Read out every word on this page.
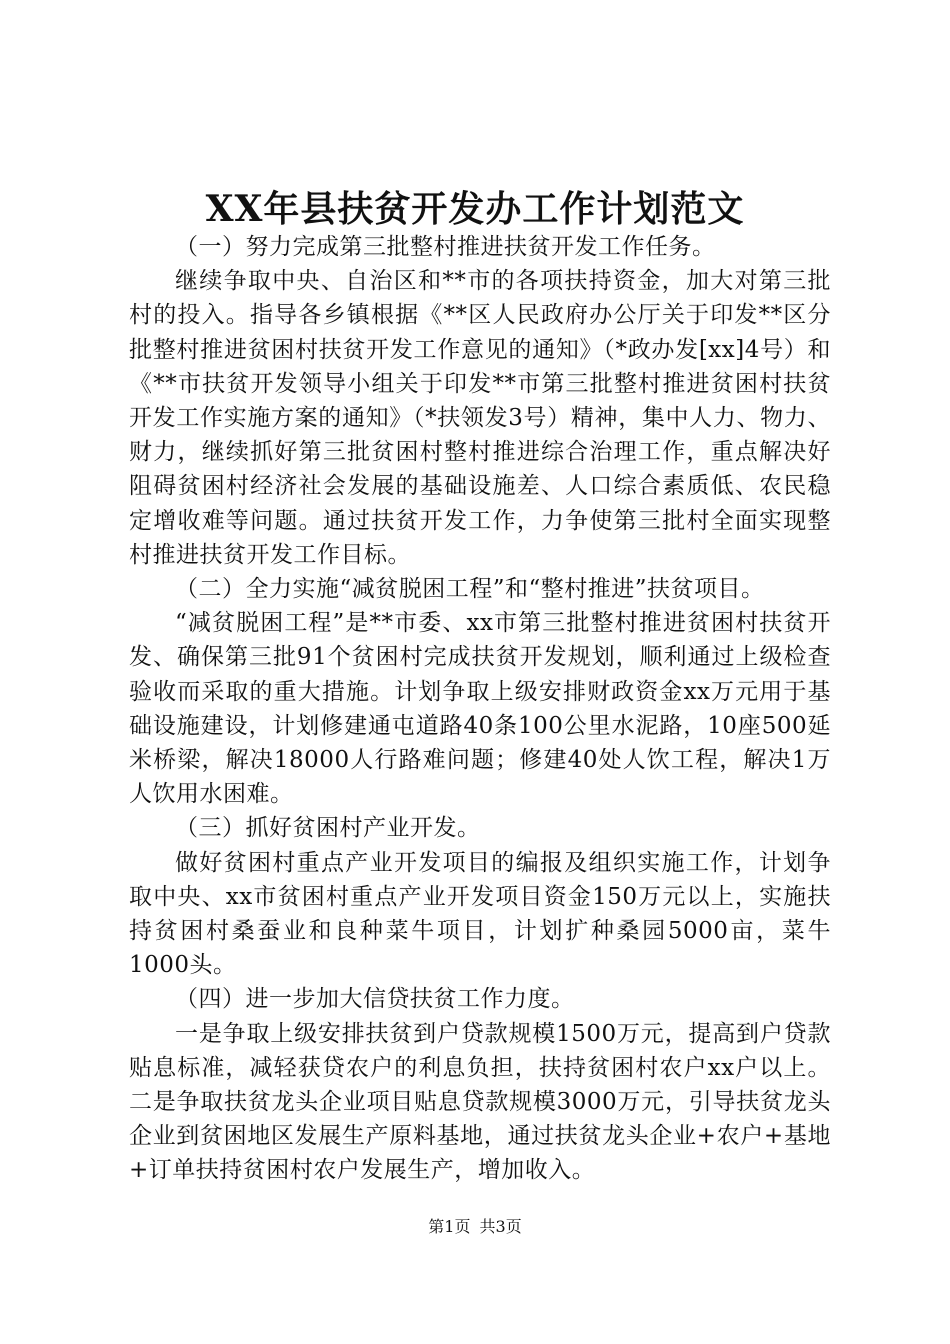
XX年县扶贫开发办工作计划范文

（一）努力完成第三批整村推进扶贫开发工作任务。

继续争取中央、自治区和**市的各项扶持资金，加大对第三批村的投入。指导各乡镇根据《**区人民政府办公厅关于印发**区分批整村推进贫困村扶贫开发工作意见的通知》（*政办发[xx]4号）和《**市扶贫开发领导小组关于印发**市第三批整村推进贫困村扶贫开发工作实施方案的通知》（*扶领发3号）精神，集中人力、物力、财力，继续抓好第三批贫困村整村推进综合治理工作，重点解决好阻碍贫困村经济社会发展的基础设施差、人口综合素质低、农民稳定增收难等问题。通过扶贫开发工作，力争使第三批村全面实现整村推进扶贫开发工作目标。

（二）全力实施“减贫脱困工程”和“整村推进”扶贫项目。

“减贫脱困工程”是**市委、xx市第三批整村推进贫困村扶贫开发、确保第三批91个贫困村完成扶贫开发规划，顺利通过上级检查验收而采取的重大措施。计划争取上级安排财政资金xx万元用于基础设施建设，计划修建通屯道路40条100公里水泥路，10座500延米桥梁，解决18000人行路难问题；修建40处人饮工程，解决1万人饮用水困难。

（三）抓好贫困村产业开发。

做好贫困村重点产业开发项目的编报及组织实施工作，计划争取中央、xx市贫困村重点产业开发项目资金150万元以上，实施扶持贫困村桑蚕业和良种菜牛项目，计划扩种桑园5000亩，菜牛1000头。

（四）进一步加大信贷扶贫工作力度。

一是争取上级安排扶贫到户贷款规模1500万元，提高到户贷款贴息标准，减轻获贷农户的利息负担，扶持贫困村农户xx户以上。二是争取扶贫龙头企业项目贴息贷款规模3000万元，引导扶贫龙头企业到贫困地区发展生产原料基地，通过扶贫龙头企业+农户+基地+订单扶持贫困村农户发展生产，增加收入。

第1页 共3页
